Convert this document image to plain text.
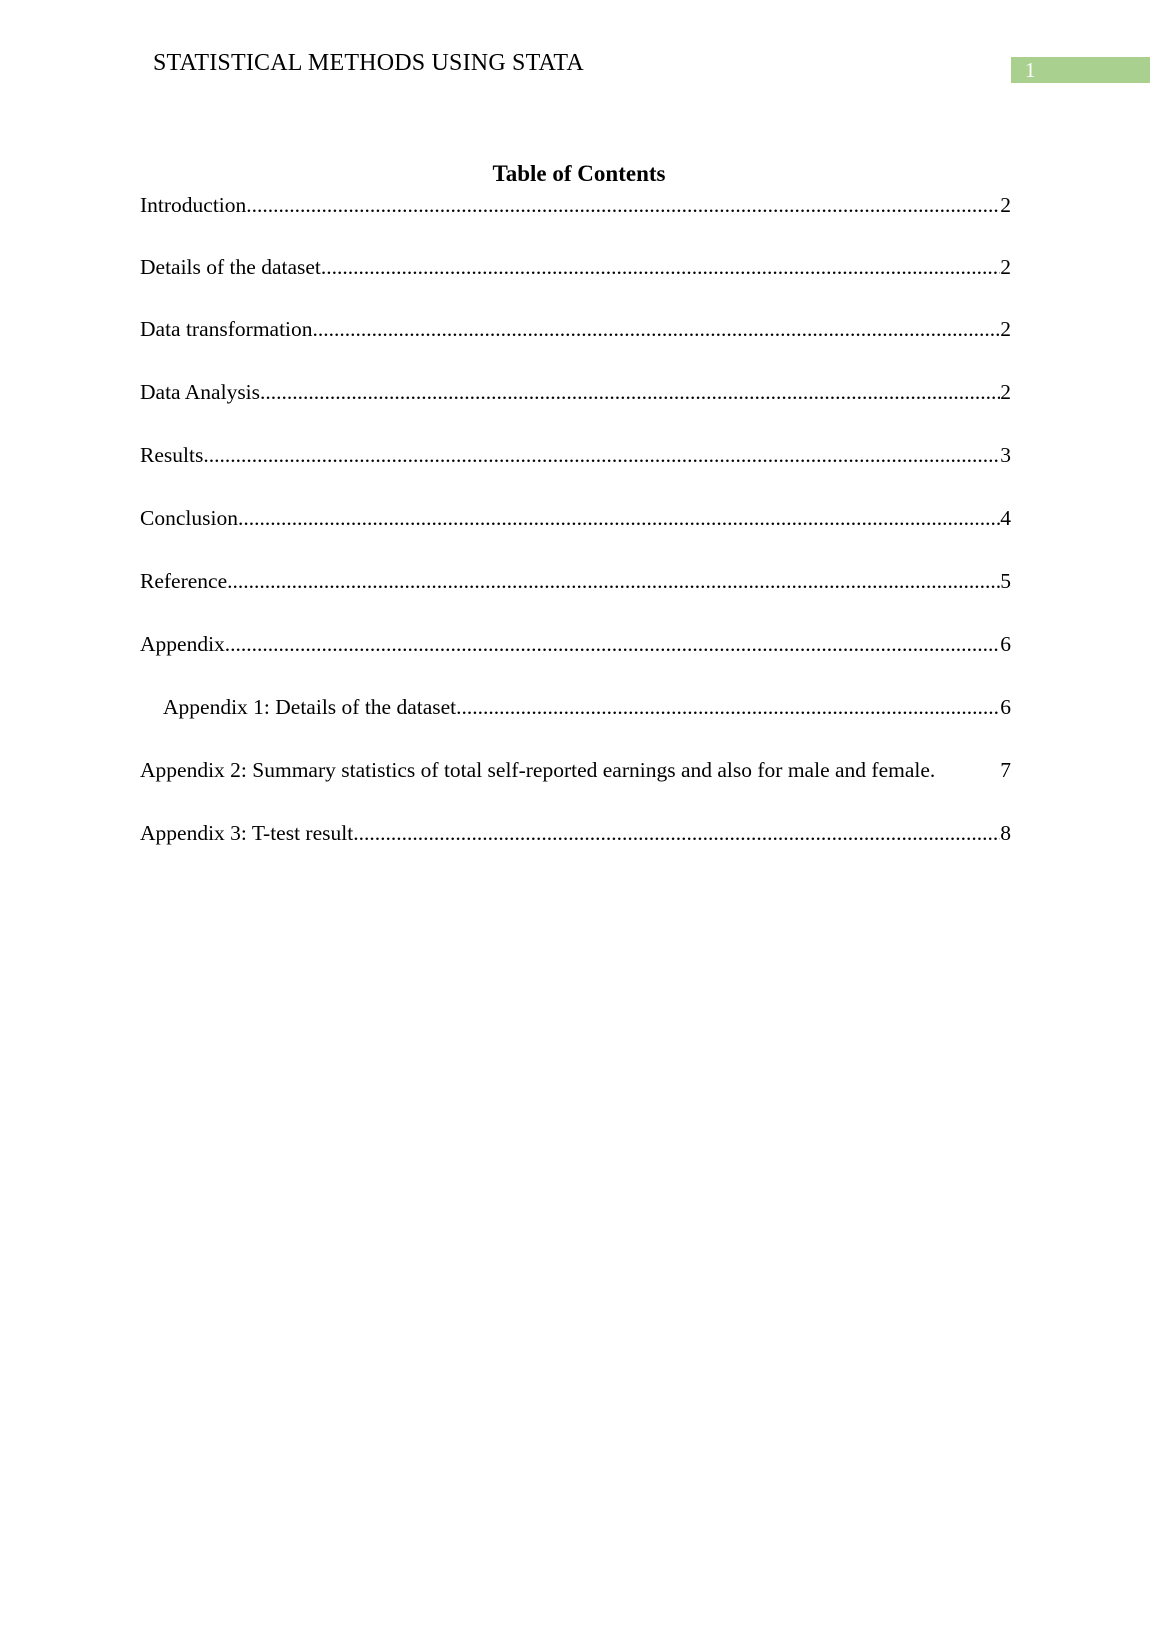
STATISTICAL METHODS USING STATA	1
Table of Contents
Introduction .....	2
Details of the dataset .....	2
Data transformation .....	2
Data Analysis .....	2
Results .....	3
Conclusion .....	4
Reference .....	5
Appendix .....	6
Appendix 1: Details of the dataset .....	6
Appendix 2: Summary statistics of total self-reported earnings and also for male and female.	7
Appendix 3: T-test result .....	8
